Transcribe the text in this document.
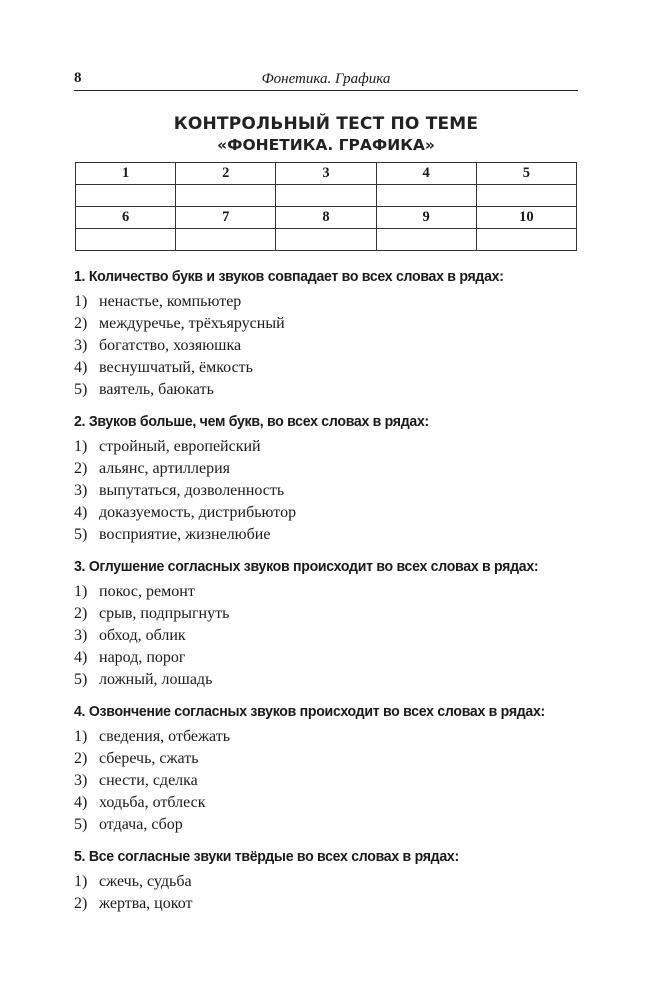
8	Фонетика. Графика
КОНТРОЛЬНЫЙ ТЕСТ ПО ТЕМЕ
«ФОНЕТИКА. ГРАФИКА»
1	2	3	4	5

6	7	8	9	10

1. Количество букв и звуков совпадает во всех словах в рядах:
1) ненастье, компьютер
2) междуречье, трёхъярусный
3) богатство, хозяюшка
4) веснушчатый, ёмкость
5) ваятель, баюкать
2. Звуков больше, чем букв, во всех словах в рядах:
1) стройный, европейский
2) альянс, артиллерия
3) выпутаться, дозволенность
4) доказуемость, дистрибьютор
5) восприятие, жизнелюбие
3. Оглушение согласных звуков происходит во всех словах в рядах:
1) покос, ремонт
2) срыв, подпрыгнуть
3) обход, облик
4) народ, порог
5) ложный, лошадь
4. Озвончение согласных звуков происходит во всех словах в рядах:
1) сведения, отбежать
2) сберечь, сжать
3) снести, сделка
4) ходьба, отблеск
5) отдача, сбор
5. Все согласные звуки твёрдые во всех словах в рядах:
1) сжечь, судьба
2) жертва, цокот
